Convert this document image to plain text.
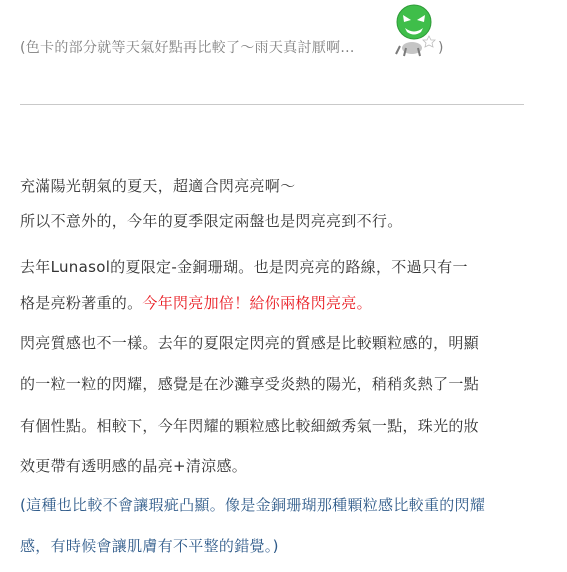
(色卡的部分就等天氣好點再比較了～雨天真討厭啊...	)
充滿陽光朝氣的夏天，超適合閃亮亮啊～
所以不意外的，今年的夏季限定兩盤也是閃亮亮到不行。
去年Lunasol的夏限定-金銅珊瑚。也是閃亮亮的路線，不過只有一
格是亮粉著重的。今年閃亮加倍！給你兩格閃亮亮。
閃亮質感也不一樣。去年的夏限定閃亮的質感是比較顆粒感的，明顯
的一粒一粒的閃耀，感覺是在沙灘享受炎熱的陽光，稍稍炙熱了一點
有個性點。相較下，今年閃耀的顆粒感比較細緻秀氣一點，珠光的妝
效更帶有透明感的晶亮+清涼感。
(這種也比較不會讓瑕疵凸顯。像是金銅珊瑚那種顆粒感比較重的閃耀
感，有時候會讓肌膚有不平整的錯覺。)
